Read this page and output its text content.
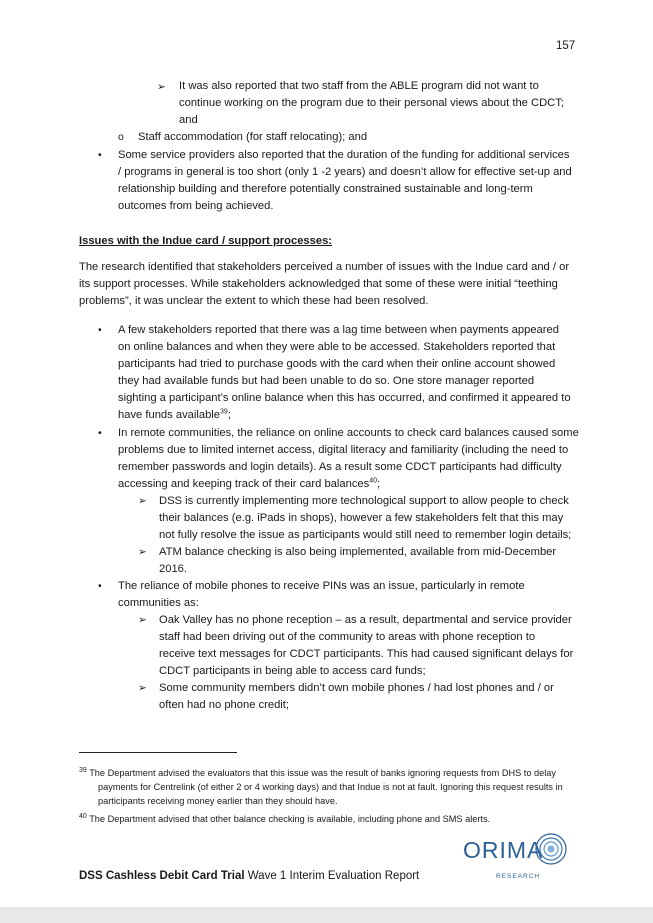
157
➢ It was also reported that two staff from the ABLE program did not want to
continue working on the program due to their personal views about the CDCT;
and
o Staff accommodation (for staff relocating); and
• Some service providers also reported that the duration of the funding for additional services
/ programs in general is too short (only 1 -2 years) and doesn’t allow for effective set-up and
relationship building and therefore potentially constrained sustainable and long-term
outcomes from being achieved.
Issues with the Indue card / support processes:
The research identified that stakeholders perceived a number of issues with the Indue card and / or
its support processes. While stakeholders acknowledged that some of these were initial “teething
problems”, it was unclear the extent to which these had been resolved.
• A few stakeholders reported that there was a lag time between when payments appeared
on online balances and when they were able to be accessed. Stakeholders reported that
participants had tried to purchase goods with the card when their online account showed
they had available funds but had been unable to do so. One store manager reported
sighting a participant’s online balance when this has occurred, and confirmed it appeared to
have funds available$^{39}$;
• In remote communities, the reliance on online accounts to check card balances caused some
problems due to limited internet access, digital literacy and familiarity (including the need to
remember passwords and login details). As a result some CDCT participants had difficulty
accessing and keeping track of their card balances$^{40}$;
➢ DSS is currently implementing more technological support to allow people to check
their balances (e.g. iPads in shops), however a few stakeholders felt that this may
not fully resolve the issue as participants would still need to remember login details;
➢ ATM balance checking is also being implemented, available from mid-December
2016.
• The reliance of mobile phones to receive PINs was an issue, particularly in remote
communities as:
➢ Oak Valley has no phone reception – as a result, departmental and service provider
staff had been driving out of the community to areas with phone reception to
receive text messages for CDCT participants. This had caused significant delays for
CDCT participants in being able to access card funds;
➢ Some community members didn’t own mobile phones / had lost phones and / or
often had no phone credit;
$^{39}$ The Department advised the evaluators that this issue was the result of banks ignoring requests from DHS to delay payments for Centrelink (of either 2 or 4 working days) and that Indue is not at fault. Ignoring this request results in participants receiving money earlier than they should have.
$^{40}$ The Department advised that other balance checking is available, including phone and SMS alerts.
DSS Cashless Debit Card Trial Wave 1 Interim Evaluation Report
ORIMA
RESEARCH
